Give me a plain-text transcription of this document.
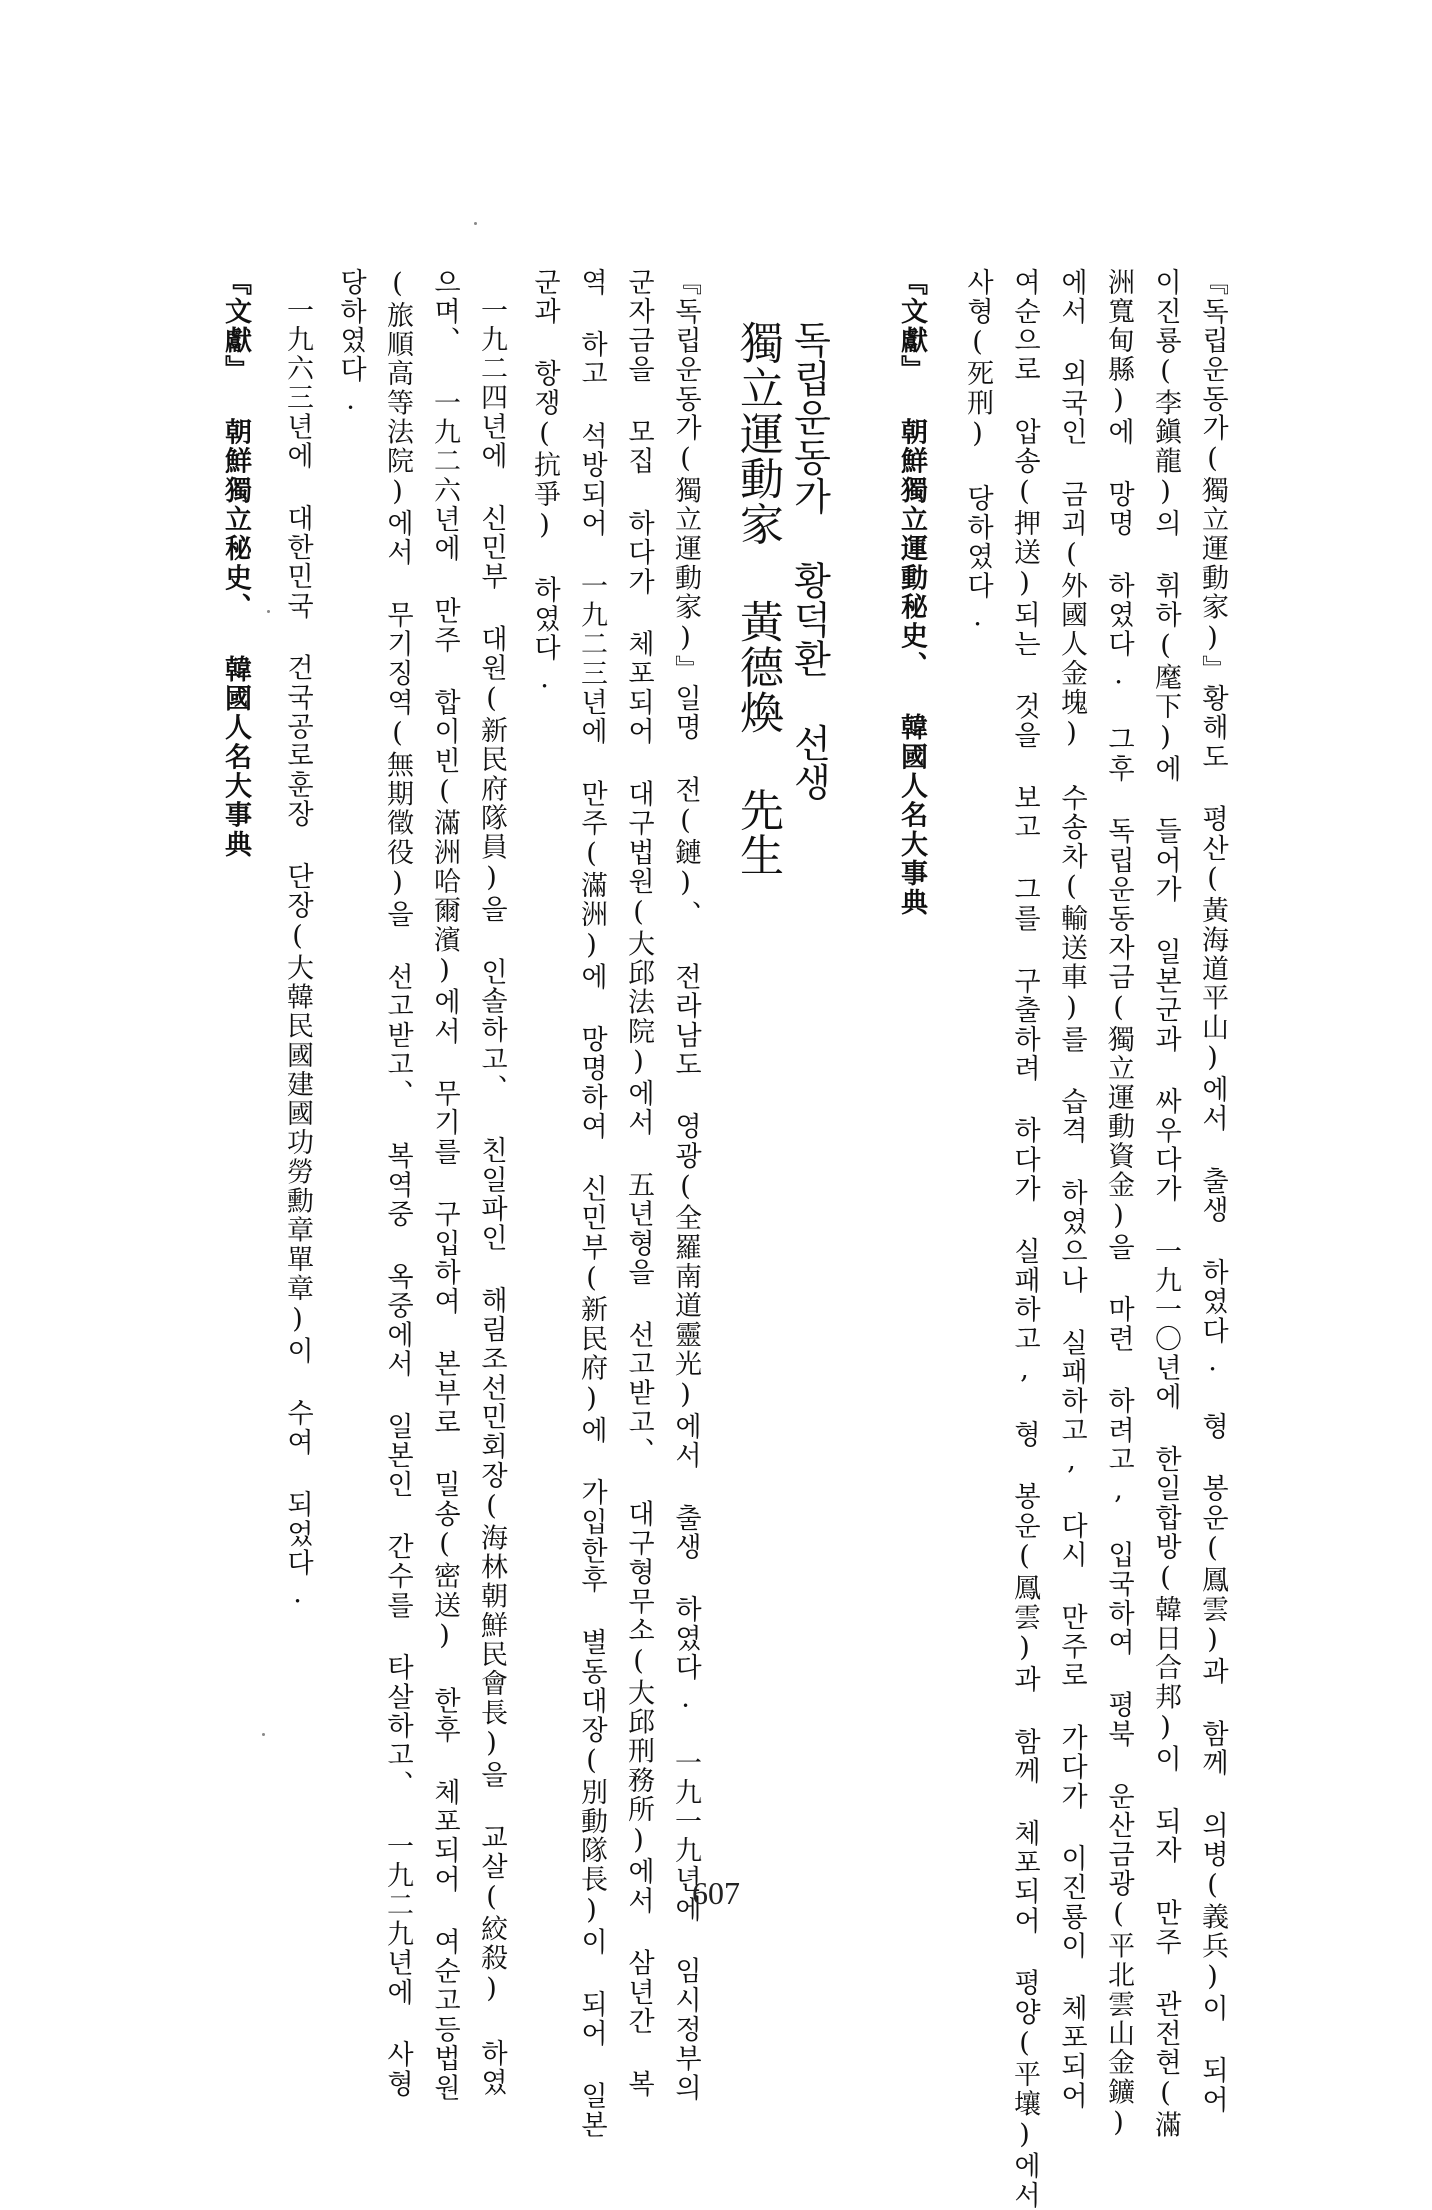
『독립운동가(獨立運動家)』황해도 평산(黃海道平山)에서 출생 하였다. 형 봉운(鳳雲)과 함께 의병(義兵)이 되어
이진룡(李鎭龍)의 휘하(麾下)에 들어가 일본군과 싸우다가 一九一〇년에 한일합방(韓日合邦)이 되자 만주 관전현(滿
洲寬甸縣)에 망명 하였다. 그후 독립운동자금(獨立運動資金)을 마련 하려고, 입국하여 평북 운산금광(平北雲山金鑛)
에서 외국인 금괴(外國人金塊) 수송차(輸送車)를 습격 하였으나 실패하고, 다시 만주로 가다가 이진룡이 체포되어
여순으로 압송(押送)되는 것을 보고 그를 구출하려 하다가 실패하고, 형 봉운(鳳雲)과 함께 체포되어 평양(平壤)에서
사형(死刑) 당하였다.
『文獻』 朝鮮獨立運動秘史、 韓國人名大事典
독립운동가 황덕환 선생
獨立運動家 黃德煥 先生
『독립운동가(獨立運動家)』일명 전(鏈)、 전라남도 영광(全羅南道靈光)에서 출생 하였다. 一九一九년에 임시정부의
군자금을 모집 하다가 체포되어 대구법원(大邱法院)에서 五년형을 선고받고、 대구형무소(大邱刑務所)에서 삼년간 복
역 하고 석방되어 一九二三년에 만주(滿洲)에 망명하여 신민부(新民府)에 가입한후 별동대장(別動隊長)이 되어 일본
군과 항쟁(抗爭) 하였다.
一九二四년에 신민부 대원(新民府隊員)을 인솔하고、 친일파인 해림조선민회장(海林朝鮮民會長)을 교살(絞殺) 하였
으며、 一九二六년에 만주 합이빈(滿洲哈爾濱)에서 무기를 구입하여 본부로 밀송(密送) 한후 체포되어 여순고등법원
(旅順高等法院)에서 무기징역(無期徵役)을 선고받고、 복역중 옥중에서 일본인 간수를 타살하고、 一九二九년에 사형
당하였다.
一九六三년에 대한민국 건국공로훈장 단장(大韓民國建國功勞勳章單章)이 수여 되었다.
『文獻』 朝鮮獨立秘史、 韓國人名大事典
607
